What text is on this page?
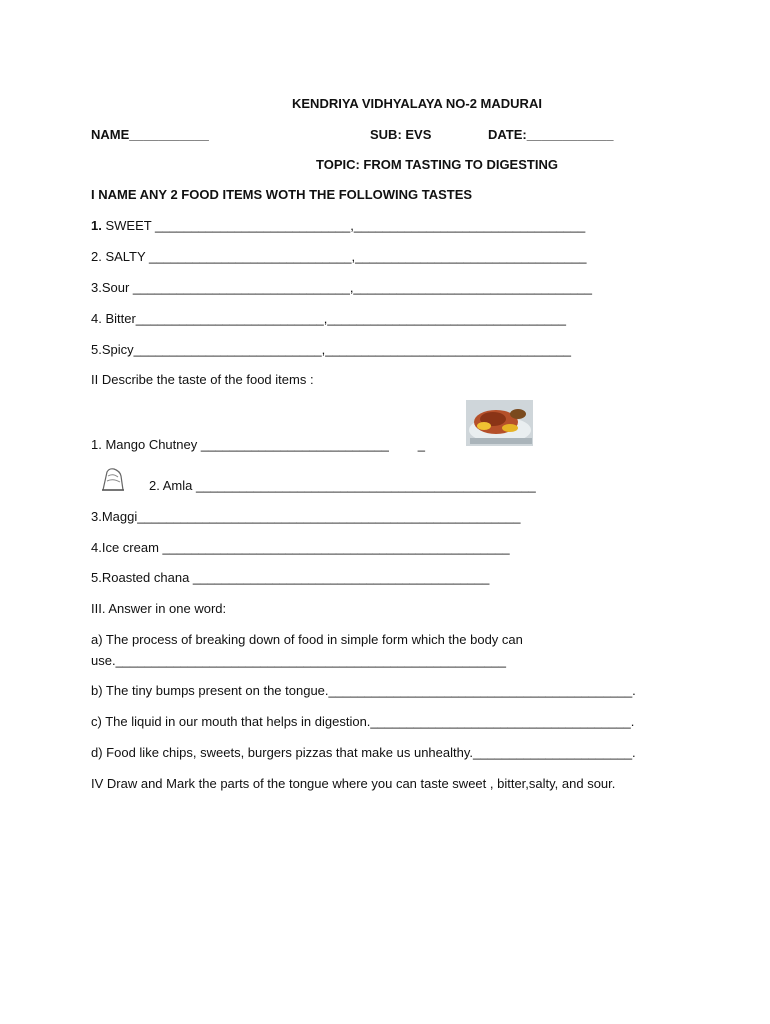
KENDRIYA VIDHYALAYA NO-2 MADURAI
NAME___________	SUB: EVS	DATE:____________
TOPIC: FROM TASTING TO DIGESTING
I NAME ANY 2 FOOD ITEMS WOTH THE FOLLOWING TASTES
1. SWEET ___________________________,________________________________
2. SALTY ____________________________,________________________________
3.Sour ______________________________,_________________________________
4. Bitter__________________________,_________________________________
5.Spicy__________________________,__________________________________
II Describe the taste of the food items :
1. Mango Chutney __________________________        _
2. Amla _______________________________________________
3.Maggi_____________________________________________________
4.Ice cream ________________________________________________
5.Roasted chana _________________________________________
III. Answer in one word:
a) The process of breaking down of food in simple form which the body can
use.______________________________________________________
b) The tiny bumps present on the tongue.__________________________________________.
c) The liquid in our mouth that helps in digestion.____________________________________.
d) Food like chips, sweets, burgers pizzas that make us unhealthy.______________________.
IV Draw and Mark the parts of the tongue where you can taste sweet , bitter,salty, and sour.
